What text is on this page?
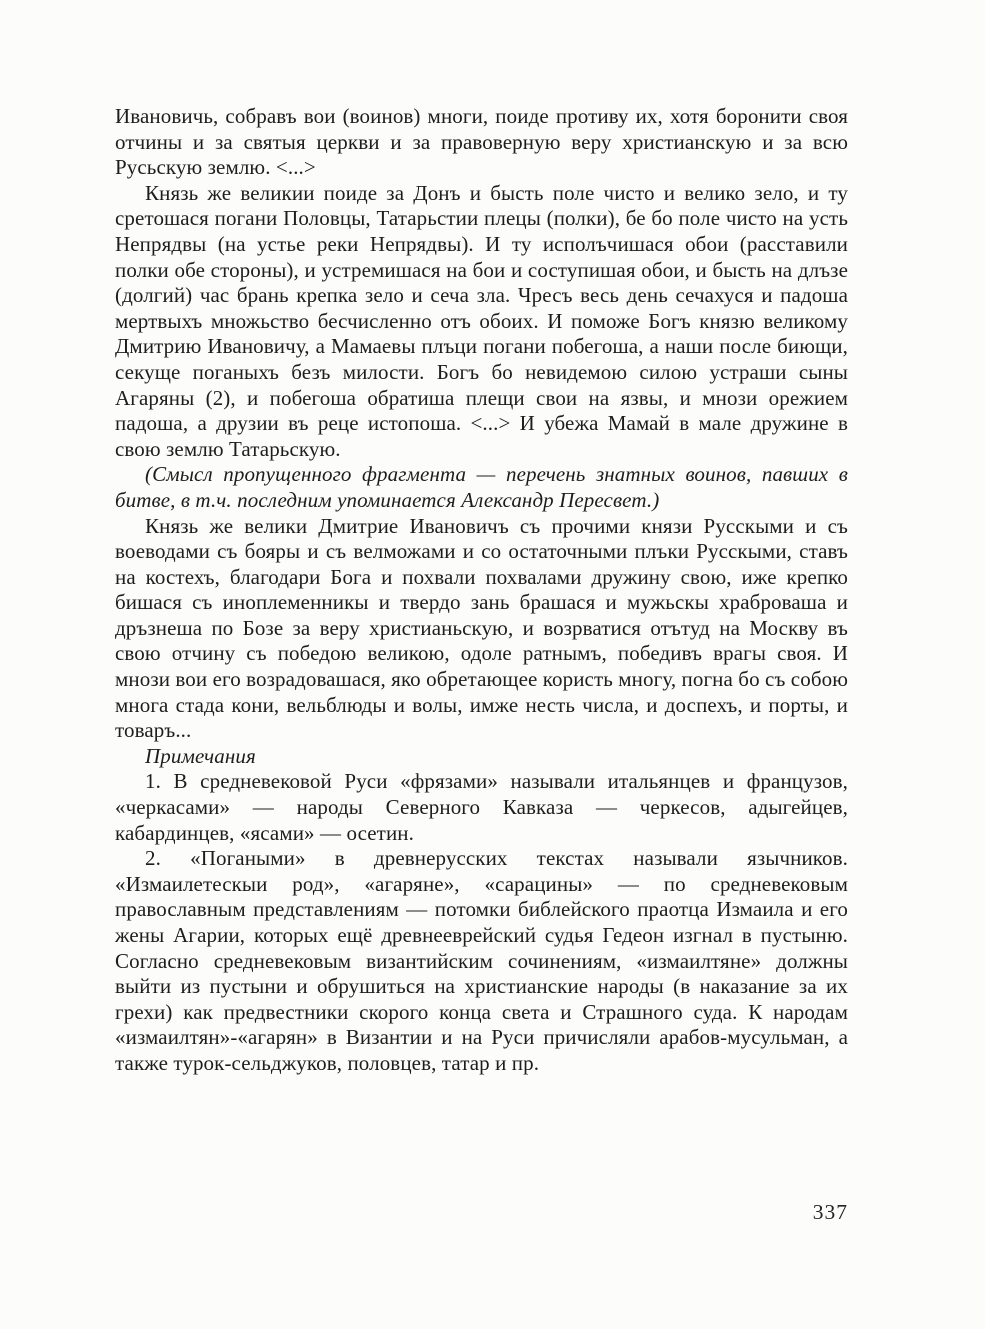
Ивановичь, собравъ вои (воинов) многи, поиде противу их, хотя боронити своя отчины и за святыя церкви и за правоверную веру христианскую и за всю Русьскую землю. <...>

Князь же великии поиде за Донъ и бысть поле чисто и велико зело, и ту сретошася погани Половцы, Татарьстии плецы (полки), бе бо поле чисто на усть Непрядвы (на устье реки Непрядвы). И ту исполъчишася обои (расставили полки обе стороны), и устремишася на бои и соступишая обои, и бысть на длъзе (долгий) час брань крепка зело и сеча зла. Чресъ весь день сечахуся и падоша мертвыхъ множьство бесчисленно отъ обоих. И поможе Богъ князю великому Дмитрию Ивановичу, а Мамаевы плъци погани побегоша, а наши после биющи, секуще поганыхъ безъ милости. Богъ бо невидемою силою устраши сыны Агаряны (2), и побегоша обратиша плещи свои на язвы, и мнози орежием падоша, а друзии въ реце истопоша. <...> И убежа Мамай в мале дружине в свою землю Татарьскую.

(Смысл пропущенного фрагмента — перечень знатных воинов, павших в битве, в т.ч. последним упоминается Александр Пересвет.)

Князь же велики Дмитрие Ивановичъ съ прочими князи Русскыми и съ воеводами съ бояры и съ велможами и со остаточными плъки Русскыми, ставъ на костехъ, благодари Бога и похвали похвалами дружину свою, иже крепко бишася съ иноплеменникы и твердо зань брашася и мужьскы храброваша и дръзнеша по Бозе за веру христианьскую, и возрватися отътуд на Москву въ свою отчину съ победою великою, одоле ратнымъ, победивъ врагы своя. И мнози вои его возрадовашася, яко обретающее користь многу, погна бо съ собою многа стада кони, вельблюды и волы, имже несть числа, и доспехъ, и порты, и товаръ...

Примечания

1. В средневековой Руси «фрязами» называли итальянцев и французов, «черкасами» — народы Северного Кавказа — черкесов, адыгейцев, кабардинцев, «ясами» — осетин.

2. «Погаными» в древнерусских текстах называли язычников. «Измаилетескыи род», «агаряне», «сарацины» — по средневековым православным представлениям — потомки библейского праотца Измаила и его жены Агарии, которых ещё древнееврейский судья Гедеон изгнал в пустыню. Согласно средневековым византийским сочинениям, «измаилтяне» должны выйти из пустыни и обрушиться на христианские народы (в наказание за их грехи) как предвестники скорого конца света и Страшного суда. К народам «измаилтян»-«агарян» в Византии и на Руси причисляли арабов-мусульман, а также турок-сельджуков, половцев, татар и пр.

337
